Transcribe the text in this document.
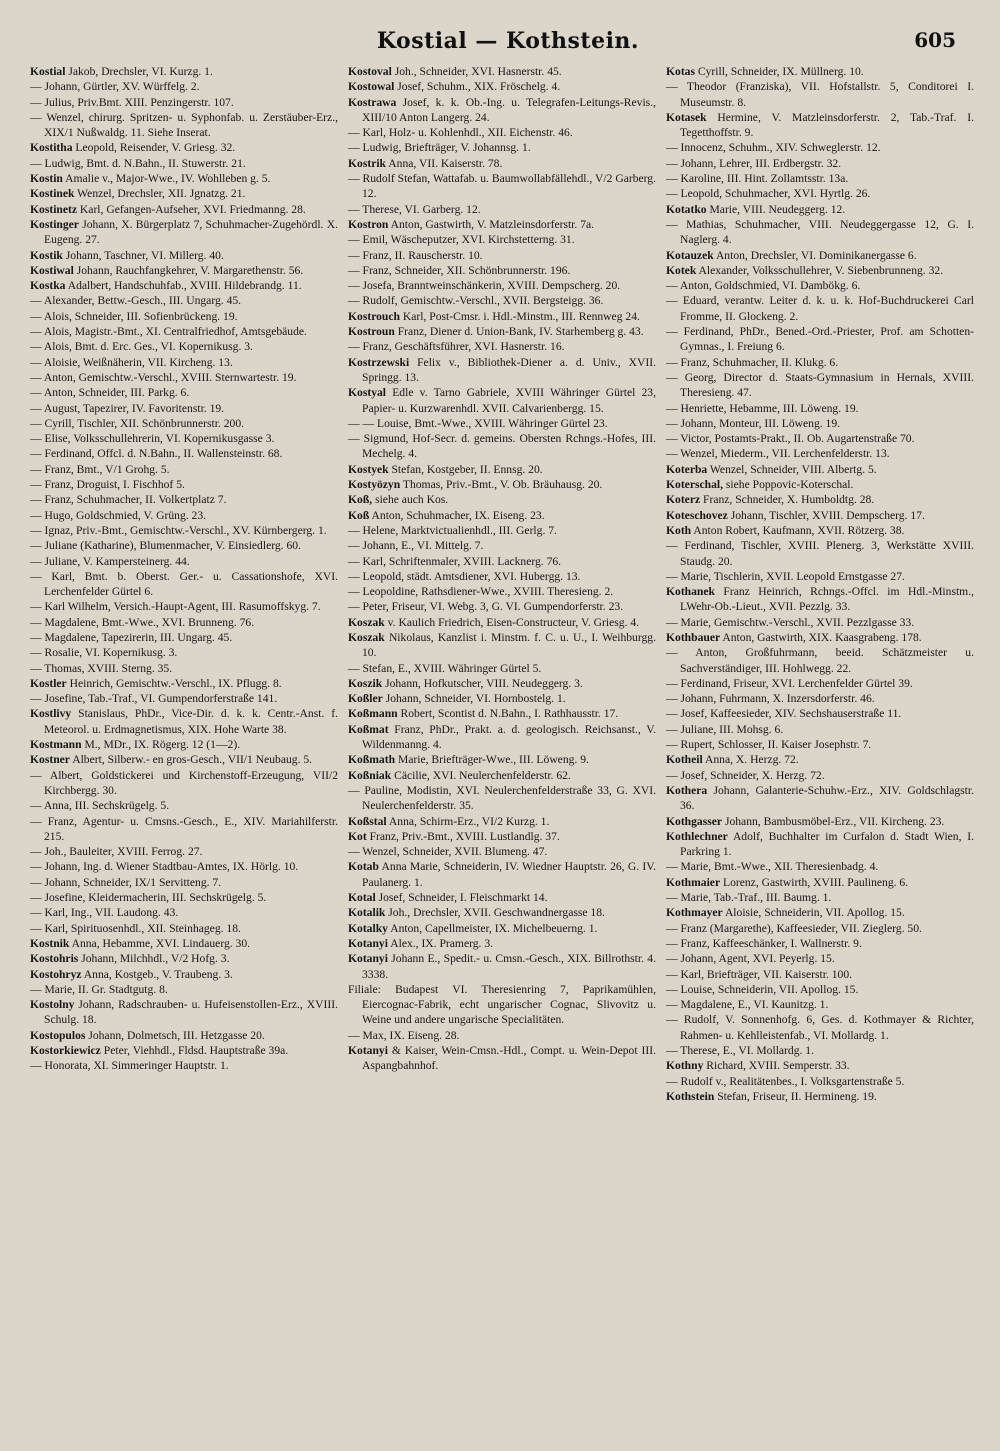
Kostial — Kothstein.	605
Kostial Jakob, Drechsler, VI. Kurzg. 1.
— Johann, Gürtler, XV. Würffelg. 2.
— Julius, Priv.Bmt. XIII. Penzingerstr. 107.
— Wenzel, chirurg. Spritzen- u. Syphonfab. u. Zerstäuber-Erz., XIX/1 Nußwaldg. 11. Siehe Inserat.
Kostitha Leopold, Reisender, V. Griesg. 32.
— Ludwig, Bmt. d. N.Bahn., II. Stuwerstr. 21.
Kostin Amalie v., Major-Wwe., IV. Wohlleben g. 5.
Kostinek Wenzel, Drechsler, XII. Jgnatzg. 21.
Kostinetz Karl, Gefangen-Aufseher, XVI. Friedmanng. 28.
Kostinger Johann, X. Bürgerplatz 7, Schuhmacher-Zugehördl. X. Eugeng. 27.
Kostik Johann, Taschner, VI. Millerg. 40.
Kostiwal Johann, Rauchfangkehrer, V. Margarethenstr. 56.
Kostka Adalbert, Handschuhfab., XVIII. Hildebrandg. 11.
— Alexander, Bettw.-Gesch., III. Ungarg. 45.
— Alois, Schneider, III. Sofienbrückeng. 19.
— Alois, Magistr.-Bmt., XI. Centralfriedhof, Amtsgebäude.
— Alois, Bmt. d. Erc. Ges., VI. Kopernikusg. 3.
— Aloisie, Weißnäherin, VII. Kircheng. 13.
— Anton, Gemischtw.-Verschl., XVIII. Sternwartestr. 19.
— Anton, Schneider, III. Parkg. 6.
— August, Tapezirer, IV. Favoritenstr. 19.
— Cyrill, Tischler, XII. Schönbrunnerstr. 200.
— Elise, Volksschullehrerin, VI. Kopernikusgasse 3.
— Ferdinand, Offcl. d. N.Bahn., II. Wallensteinstr. 68.
— Franz, Bmt., V/1 Grohg. 5.
— Franz, Droguist, I. Fischhof 5.
— Franz, Schuhmacher, II. Volkertplatz 7.
— Hugo, Goldschmied, V. Grüng. 23.
— Ignaz, Priv.-Bmt., Gemischtw.-Verschl., XV. Kürnbergerg. 1.
— Juliane (Katharine), Blumenmacher, V. Einsiedlerg. 60.
— Juliane, V. Kampersteinerg. 44.
— Karl, Bmt. b. Oberst. Ger.- u. Cassationshofe, XVI. Lerchenfelder Gürtel 6.
— Karl Wilhelm, Versich.-Haupt-Agent, III. Rasumoffskyg. 7.
— Magdalene, Bmt.-Wwe., XVI. Brunneng. 76.
— Magdalene, Tapezirerin, III. Ungarg. 45.
— Rosalie, VI. Kopernikusg. 3.
— Thomas, XVIII. Sterng. 35.
Kostler Heinrich, Gemischtw.-Verschl., IX. Pflugg. 8.
— Josefine, Tab.-Traf., VI. Gumpendorferstraße 141.
Kostlivy Stanislaus, PhDr., Vice-Dir. d. k. k. Centr.-Anst. f. Meteorol. u. Erdmagnetismus, XIX. Hohe Warte 38.
Kostmann M., MDr., IX. Rögerg. 12 (1—2).
Kostner Albert, Silberw.- en gros-Gesch., VII/1 Neubaug. 5.
— Albert, Goldstickerei und Kirchenstoff-Erzeugung, VII/2 Kirchbergg. 30.
— Anna, III. Sechskrügelg. 5.
— Franz, Agentur- u. Cmsns.-Gesch., E., XIV. Mariahilferstr. 215.
— Joh., Bauleiter, XVIII. Ferrog. 27.
— Johann, Ing. d. Wiener Stadtbau-Amtes, IX. Hörlg. 10.
— Johann, Schneider, IX/1 Servitteng. 7.
— Josefine, Kleidermacherin, III. Sechskrügelg. 5.
— Karl, Ing., VII. Laudong. 43.
— Karl, Spirituosenhdl., XII. Steinhageg. 18.
Kostnik Anna, Hebamme, XVI. Lindauerg. 30.
Kostohris Johann, Milchhdl., V/2 Hofg. 3.
Kostohryz Anna, Kostgeb., V. Traubeng. 3.
— Marie, II. Gr. Stadtgutg. 8.
Kostolny Johann, Radschrauben- u. Hufeisenstollen-Erz., XVIII. Schulg. 18.
Kostopulos Johann, Dolmetsch, III. Hetzgasse 20.
Kostorkiewicz Peter, Viehhdl., Fldsd. Hauptstraße 39a.
— Honorata, XI. Simmeringer Hauptstr. 1.
Kostoval Joh., Schneider, XVI. Hasnerstr. 45.
Kostowal Josef, Schuhm., XIX. Fröschelg. 4.
Kostrawa Josef, k. k. Ob.-Ing. u. Telegrafen-Leitungs-Revis., XIII/10 Anton Langerg. 24.
— Karl, Holz- u. Kohlenhdl., XII. Eichenstr. 46.
— Ludwig, Briefträger, V. Johannsg. 1.
Kostrik Anna, VII. Kaiserstr. 78.
— Rudolf Stefan, Wattafab. u. Baumwollabfällehdl., V/2 Garberg. 12.
— Therese, VI. Garberg. 12.
Kostron Anton, Gastwirth, V. Matzleinsdorferstr. 7a.
— Emil, Wäscheputzer, XVI. Kirchstetterng. 31.
— Franz, II. Rauscherstr. 10.
— Franz, Schneider, XII. Schönbrunnerstr. 196.
— Josefa, Branntweinschänkerin, XVIII. Dempscherg. 20.
— Rudolf, Gemischtw.-Verschl., XVII. Bergsteigg. 36.
Kostrouch Karl, Post-Cmsr. i. Hdl.-Minstm., III. Rennweg 24.
Kostroun Franz, Diener d. Union-Bank, IV. Starhemberg g. 43.
— Franz, Geschäftsführer, XVI. Hasnerstr. 16.
Kostrzewski Felix v., Bibliothek-Diener a. d. Univ., XVII. Springg. 13.
Kostyal Edle v. Tarno Gabriele, XVIII Währinger Gürtel 23, Papier- u. Kurzwarenhdl. XVII. Calvarienbergg. 15.
— — Louise, Bmt.-Wwe., XVIII. Währinger Gürtel 23.
— Sigmund, Hof-Secr. d. gemeins. Obersten Rchngs.-Hofes, III. Mechelg. 4.
Kostyek Stefan, Kostgeber, II. Ennsg. 20.
Kostyözyn Thomas, Priv.-Bmt., V. Ob. Bräuhausg. 20.
Koß, siehe auch Kos.
Koß Anton, Schuhmacher, IX. Eiseng. 23.
— Helene, Marktvictualienhdl., III. Gerlg. 7.
— Johann, E., VI. Mittelg. 7.
— Karl, Schriftenmaler, XVIII. Lacknerg. 76.
— Leopold, städt. Amtsdiener, XVI. Hubergg. 13.
— Leopoldine, Rathsdiener-Wwe., XVIII. Theresieng. 2.
— Peter, Friseur, VI. Webg. 3, G. VI. Gumpendorferstr. 23.
Koszak v. Kaulich Friedrich, Eisen-Constructeur, V. Griesg. 4.
Koszak Nikolaus, Kanzlist i. Minstm. f. C. u. U., I. Weihburgg. 10.
— Stefan, E., XVIII. Währinger Gürtel 5.
Koszik Johann, Hofkutscher, VIII. Neudeggerg. 3.
Koßler Johann, Schneider, VI. Hornbostelg. 1.
Koßmann Robert, Scontist d. N.Bahn., I. Rathhausstr. 17.
Koßmat Franz, PhDr., Prakt. a. d. geologisch. Reichsanst., V. Wildenmanng. 4.
Koßmath Marie, Briefträger-Wwe., III. Löweng. 9.
Koßniak Cäcilie, XVI. Neulerchenfelderstr. 62.
— Pauline, Modistin, XVI. Neulerchenfelderstraße 33, G. XVI. Neulerchenfelderstr. 35.
Koßstal Anna, Schirm-Erz., VI/2 Kurzg. 1.
Kot Franz, Priv.-Bmt., XVIII. Lustlandlg. 37.
— Wenzel, Schneider, XVII. Blumeng. 47.
Kotab Anna Marie, Schneiderin, IV. Wiedner Hauptstr. 26, G. IV. Paulanerg. 1.
Kotal Josef, Schneider, I. Fleischmarkt 14.
Kotalik Joh., Drechsler, XVII. Geschwandnergasse 18.
Kotalky Anton, Capellmeister, IX. Michelbeuerng. 1.
Kotanyi Alex., IX. Pramerg. 3.
Kotanyi Johann E., Spedit.- u. Cmsn.-Gesch., XIX. Billrothstr. 4. 3338.
Filiale: Budapest VI. Theresienring 7, Paprikamühlen, Eiercognac-Fabrik, echt ungarischer Cognac, Slivovitz u. Weine und andere ungarische Specialitäten.
— Max, IX. Eiseng. 28.
Kotanyi & Kaiser, Wein-Cmsn.-Hdl., Compt. u. Wein-Depot III. Aspangbahnhof.
Kotas Cyrill, Schneider, IX. Müllnerg. 10.
— Theodor (Franziska), VII. Hofstallstr. 5, Conditorei I. Museumstr. 8.
Kotasek Hermine, V. Matzleinsdorferstr. 2, Tab.-Traf. I. Tegetthoffstr. 9.
— Innocenz, Schuhm., XIV. Schweglerstr. 12.
— Johann, Lehrer, III. Erdbergstr. 32.
— Karoline, III. Hint. Zollamtsstr. 13a.
— Leopold, Schuhmacher, XVI. Hyrtlg. 26.
Kotatko Marie, VIII. Neudeggerg. 12.
— Mathias, Schuhmacher, VIII. Neudeggergasse 12, G. I. Naglerg. 4.
Kotauzek Anton, Drechsler, VI. Dominikanergasse 6.
Kotek Alexander, Volksschullehrer, V. Siebenbrunneng. 32.
— Anton, Goldschmied, VI. Dambökg. 6.
— Eduard, verantw. Leiter d. k. u. k. Hof-Buchdruckerei Carl Fromme, II. Glockeng. 2.
— Ferdinand, PhDr., Bened.-Ord.-Priester, Prof. am Schotten-Gymnas., I. Freiung 6.
— Franz, Schuhmacher, II. Klukg. 6.
— Georg, Director d. Staats-Gymnasium in Hernals, XVIII. Theresieng. 47.
— Henriette, Hebamme, III. Löweng. 19.
— Johann, Monteur, III. Löweng. 19.
— Victor, Postamts-Prakt., II. Ob. Augartenstraße 70.
— Wenzel, Miederm., VII. Lerchenfelderstr. 13.
Koterba Wenzel, Schneider, VIII. Albertg. 5.
Koterschal, siehe Poppovic-Koterschal.
Koterz Franz, Schneider, X. Humboldtg. 28.
Koteschovez Johann, Tischler, XVIII. Dempscherg. 17.
Koth Anton Robert, Kaufmann, XVII. Rötzerg. 38.
— Ferdinand, Tischler, XVIII. Plenerg. 3, Werkstätte XVIII. Staudg. 20.
— Marie, Tischlerin, XVII. Leopold Ernstgasse 27.
Kothanek Franz Heinrich, Rchngs.-Offcl. im Hdl.-Minstm., LWehr-Ob.-Lieut., XVII. Pezzlg. 33.
— Marie, Gemischtw.-Verschl., XVII. Pezzlgasse 33.
Kothbauer Anton, Gastwirth, XIX. Kaasgrabeng. 178.
— Anton, Großfuhrmann, beeid. Schätzmeister u. Sachverständiger, III. Hohlwegg. 22.
— Ferdinand, Friseur, XVI. Lerchenfelder Gürtel 39.
— Johann, Fuhrmann, X. Inzersdorferstr. 46.
— Josef, Kaffeesieder, XIV. Sechshauserstraße 11.
— Juliane, III. Mohsg. 6.
— Rupert, Schlosser, II. Kaiser Josephstr. 7.
Kotheil Anna, X. Herzg. 72.
— Josef, Schneider, X. Herzg. 72.
Kothera Johann, Galanterie-Schuhw.-Erz., XIV. Goldschlagstr. 36.
Kothgasser Johann, Bambusmöbel-Erz., VII. Kircheng. 23.
Kothlechner Adolf, Buchhalter im Curfalon d. Stadt Wien, I. Parkring 1.
— Marie, Bmt.-Wwe., XII. Theresienbadg. 4.
Kothmaier Lorenz, Gastwirth, XVIII. Paulineng. 6.
— Marie, Tab.-Traf., III. Baumg. 1.
Kothmayer Aloisie, Schneiderin, VII. Apollog. 15.
— Franz (Margarethe), Kaffeesieder, VII. Zieglerg. 50.
— Franz, Kaffeeschänker, I. Wallnerstr. 9.
— Johann, Agent, XVI. Peyerlg. 15.
— Karl, Briefträger, VII. Kaiserstr. 100.
— Louise, Schneiderin, VII. Apollog. 15.
— Magdalene, E., VI. Kaunitzg. 1.
— Rudolf, V. Sonnenhofg. 6, Ges. d. Kothmayer & Richter, Rahmen- u. Kehlleistenfab., VI. Mollardg. 1.
— Therese, E., VI. Mollardg. 1.
Kothny Richard, XVIII. Semperstr. 33.
— Rudolf v., Realitätenbes., I. Volksgartenstraße 5.
Kothstein Stefan, Friseur, II. Hermineng. 19.
